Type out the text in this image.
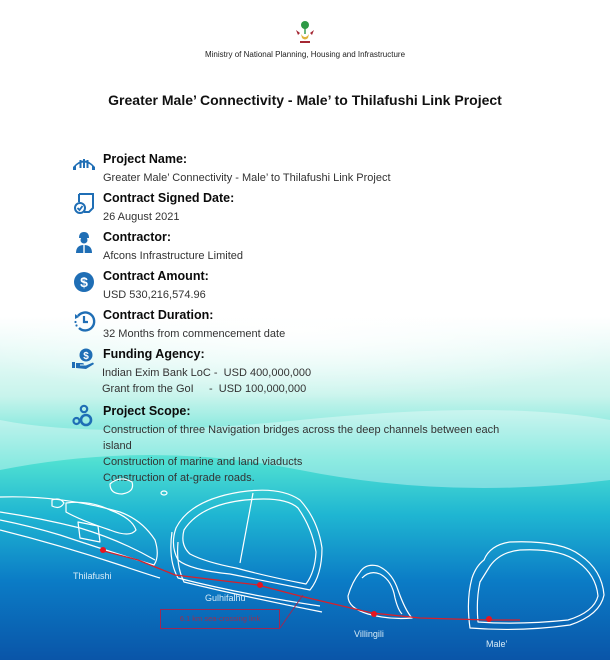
Ministry of National Planning, Housing and Infrastructure
Greater Male’ Connectivity - Male’ to Thilafushi Link Project
Project Name:
Greater Male’ Connectivity - Male’ to Thilafushi Link Project
Contract Signed Date:
26 August 2021
Contractor:
Afcons Infrastructure Limited
$ Contract Amount:
USD 530,216,574.96
Contract Duration:
32 Months from commencement date
$ Funding Agency:
Indian Exim Bank LoC -  USD 400,000,000
Grant from the GoI     -  USD 100,000,000
Project Scope:
Construction of three Navigation bridges across the deep channels between each
island
Construction of marine and land viaducts
Construction of at-grade roads.
Thilafushi
Gulhifalhu
Villingili
Male’
6.1 km sea-crossing link
